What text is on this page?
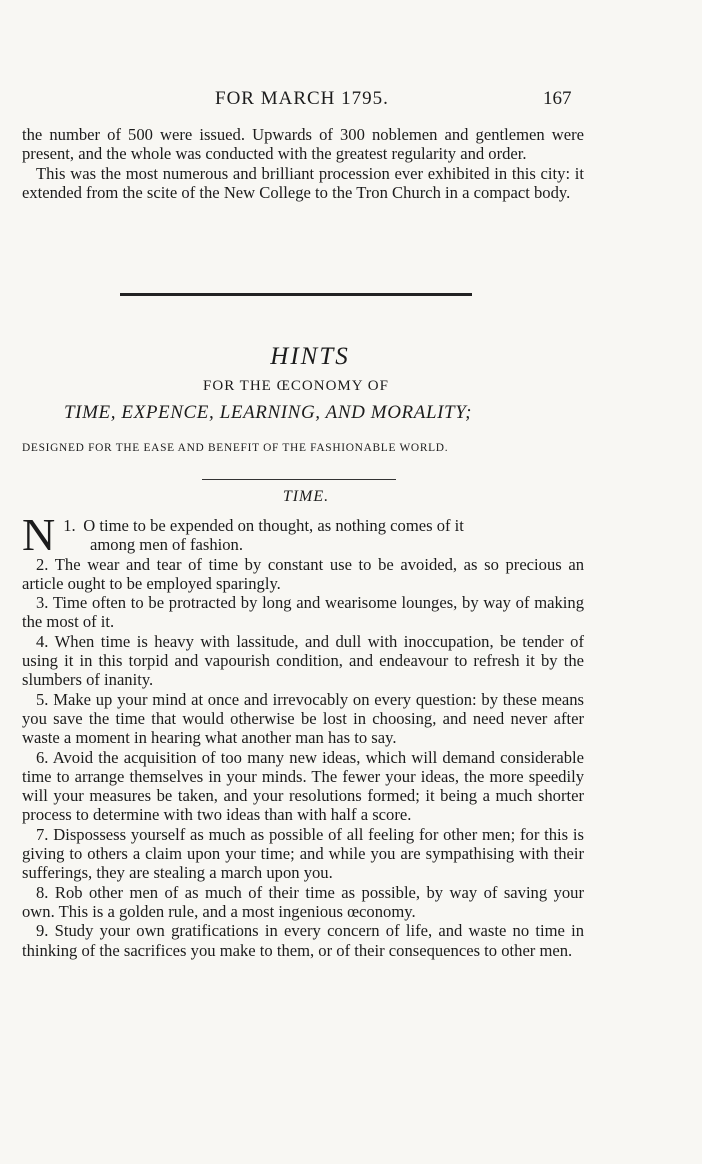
FOR MARCH 1795.	167

the number of 500 were issued. Upwards of 300 noblemen and gentlemen were present, and the whole was conducted with the greatest regularity and order.

This was the most numerous and brilliant procession ever exhibited in this city: it extended from the scite of the New College to the Tron Church in a compact body.

HINTS
FOR THE ŒCONOMY OF
TIME, EXPENCE, LEARNING, AND MORALITY;
DESIGNED FOR THE EASE AND BENEFIT OF THE FASHIONABLE WORLD.
TIME.

1.
N O time to be expended on thought, as nothing comes of it
among men of fashion.

2. The wear and tear of time by constant use to be avoided, as so precious an article ought to be employed sparingly.

3. Time often to be protracted by long and wearisome lounges, by way of making the most of it.

4. When time is heavy with lassitude, and dull with inoccupation, be tender of using it in this torpid and vapourish condition, and endeavour to refresh it by the slumbers of inanity.

5. Make up your mind at once and irrevocably on every question: by these means you save the time that would otherwise be lost in choosing, and need never after waste a moment in hearing what another man has to say.

6. Avoid the acquisition of too many new ideas, which will demand considerable time to arrange themselves in your minds. The fewer your ideas, the more speedily will your measures be taken, and your resolutions formed; it being a much shorter process to determine with two ideas than with half a score.

7. Dispossess yourself as much as possible of all feeling for other men; for this is giving to others a claim upon your time; and while you are sympathising with their sufferings, they are stealing a march upon you.

8. Rob other men of as much of their time as possible, by way of saving your own. This is a golden rule, and a most ingenious œconomy.

9. Study your own gratifications in every concern of life, and waste no time in thinking of the sacrifices you make to them, or of their consequences to other men.
